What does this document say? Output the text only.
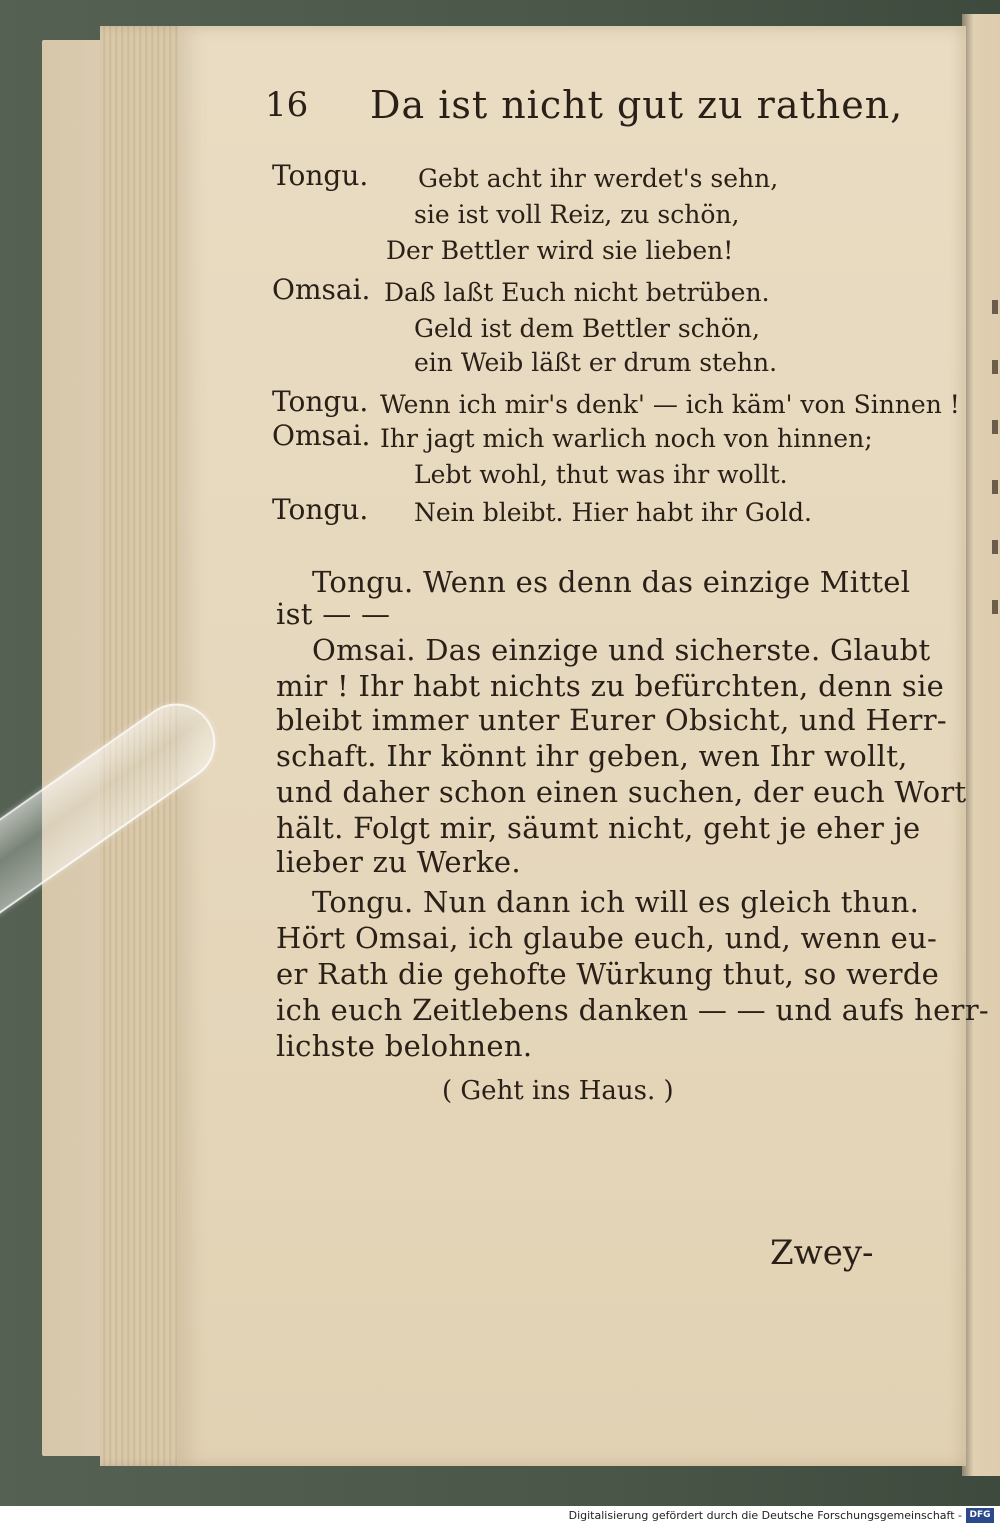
16 Da ist nicht gut zu rathen,
Tongu. Gebt acht ihr werdet's sehn,
sie ist voll Reiz, zu schön,
Der Bettler wird sie lieben!
Omsai. Daß laßt Euch nicht betrüben.
Geld ist dem Bettler schön,
ein Weib läßt er drum stehn.
Tongu. Wenn ich mir's denk' — ich käm' von Sinnen !
Omsai. Ihr jagt mich warlich noch von hinnen;
Lebt wohl, thut was ihr wollt.
Tongu. Nein bleibt. Hier habt ihr Gold.
Tongu. Wenn es denn das einzige Mittel
ist — —
Omsai. Das einzige und sicherste. Glaubt
mir ! Ihr habt nichts zu befürchten, denn sie
bleibt immer unter Eurer Obsicht, und Herr-
schaft. Ihr könnt ihr geben, wen Ihr wollt,
und daher schon einen suchen, der euch Wort
hält. Folgt mir, säumt nicht, geht je eher je
lieber zu Werke.
Tongu. Nun dann ich will es gleich thun.
Hört Omsai, ich glaube euch, und, wenn eu-
er Rath die gehofte Würkung thut, so werde
ich euch Zeitlebens danken — — und aufs herr-
lichste belohnen.
( Geht ins Haus. )
Zwey-
Digitalisierung gefördert durch die Deutsche Forschungsgemeinschaft - DFG
